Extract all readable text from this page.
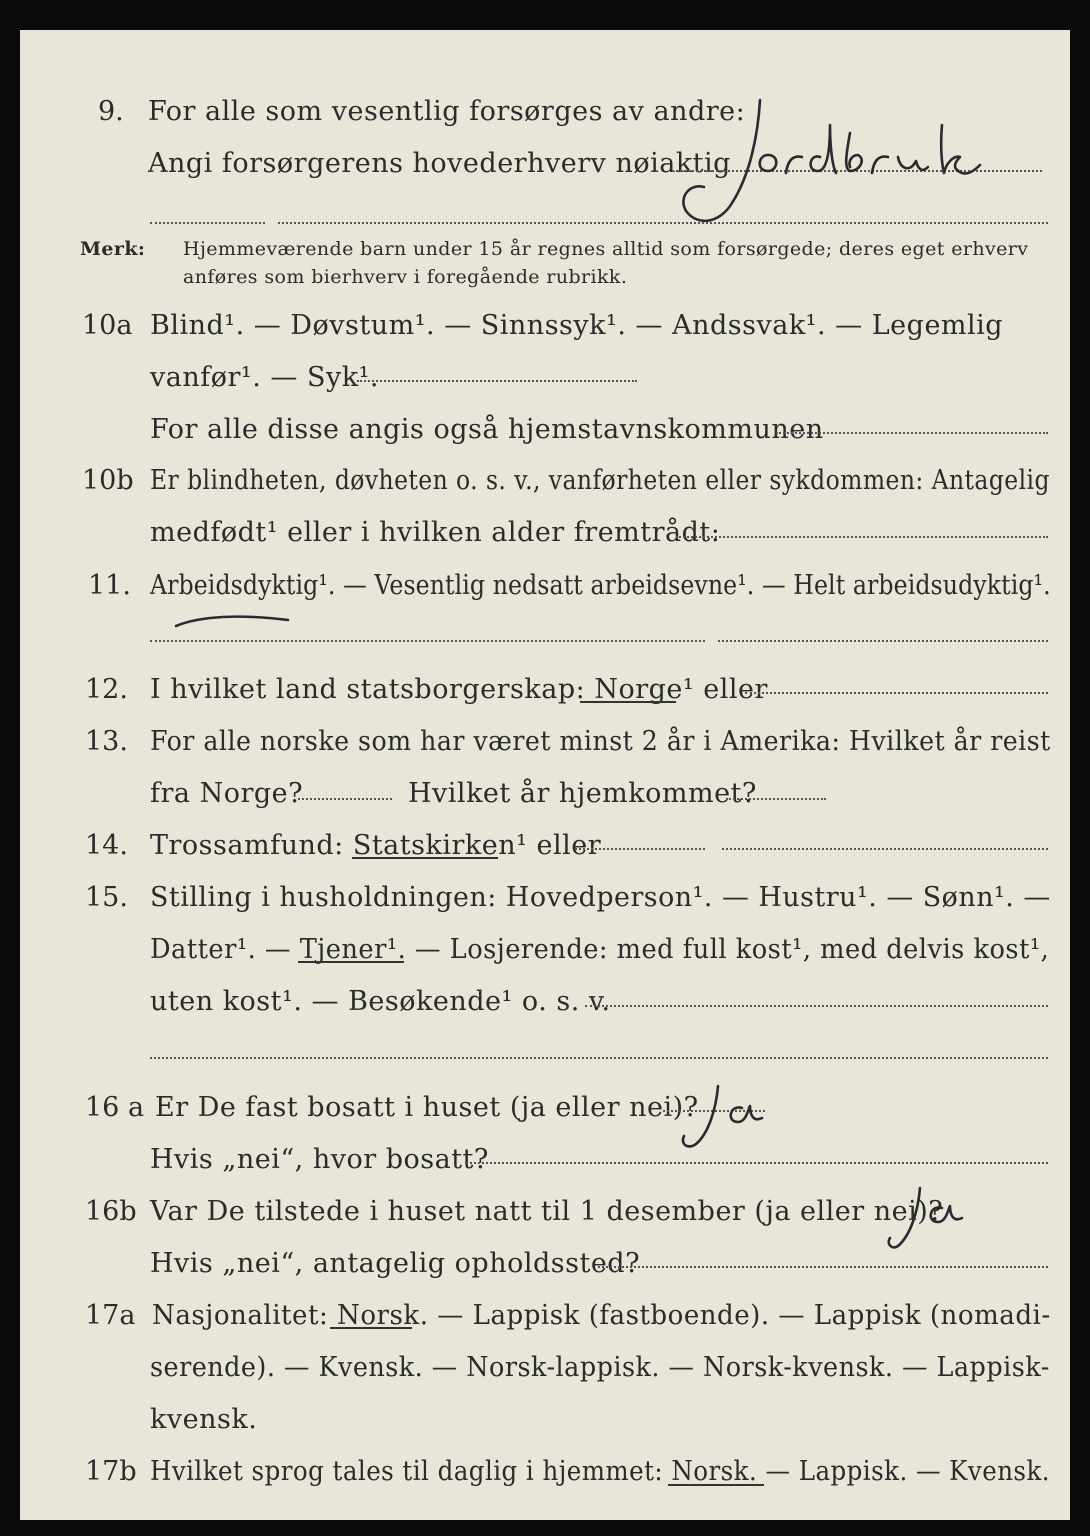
9. For alle som vesentlig forsørges av andre:
Angi forsørgerens hovederhverv nøiaktig
Merk: Hjemmeværende barn under 15 år regnes alltid som forsørgede; deres eget erhverv
anføres som bierhverv i foregående rubrikk.
10a Blind¹. — Døvstum¹. — Sinnssyk¹. — Andssvak¹. — Legemlig
vanfør¹. — Syk¹.
For alle disse angis også hjemstavnskommunen
10b Er blindheten, døvheten o. s. v., vanførheten eller sykdommen: Antagelig
medfødt¹ eller i hvilken alder fremtrådt:
11. Arbeidsdyktig¹. — Vesentlig nedsatt arbeidsevne¹. — Helt arbeidsudyktig¹.
12. I hvilket land statsborgerskap: Norge¹ eller
13. For alle norske som har været minst 2 år i Amerika: Hvilket år reist
fra Norge?	Hvilket år hjemkommet?
14. Trossamfund: Statskirken¹ eller
15. Stilling i husholdningen: Hovedperson¹. — Hustru¹. — Sønn¹. —
Datter¹. — Tjener¹. — Losjerende: med full kost¹, med delvis kost¹,
uten kost¹. — Besøkende¹ o. s. v.
16 a Er De fast bosatt i huset (ja eller nei)?
Hvis „nei“, hvor bosatt?
16b Var De tilstede i huset natt til 1 desember (ja eller nei)?
Hvis „nei“, antagelig opholdssted?
17a Nasjonalitet: Norsk. — Lappisk (fastboende). — Lappisk (nomadi-
serende). — Kvensk. — Norsk-lappisk. — Norsk-kvensk. — Lappisk-
kvensk.
17b Hvilket sprog tales til daglig i hjemmet: Norsk. — Lappisk. — Kvensk.
